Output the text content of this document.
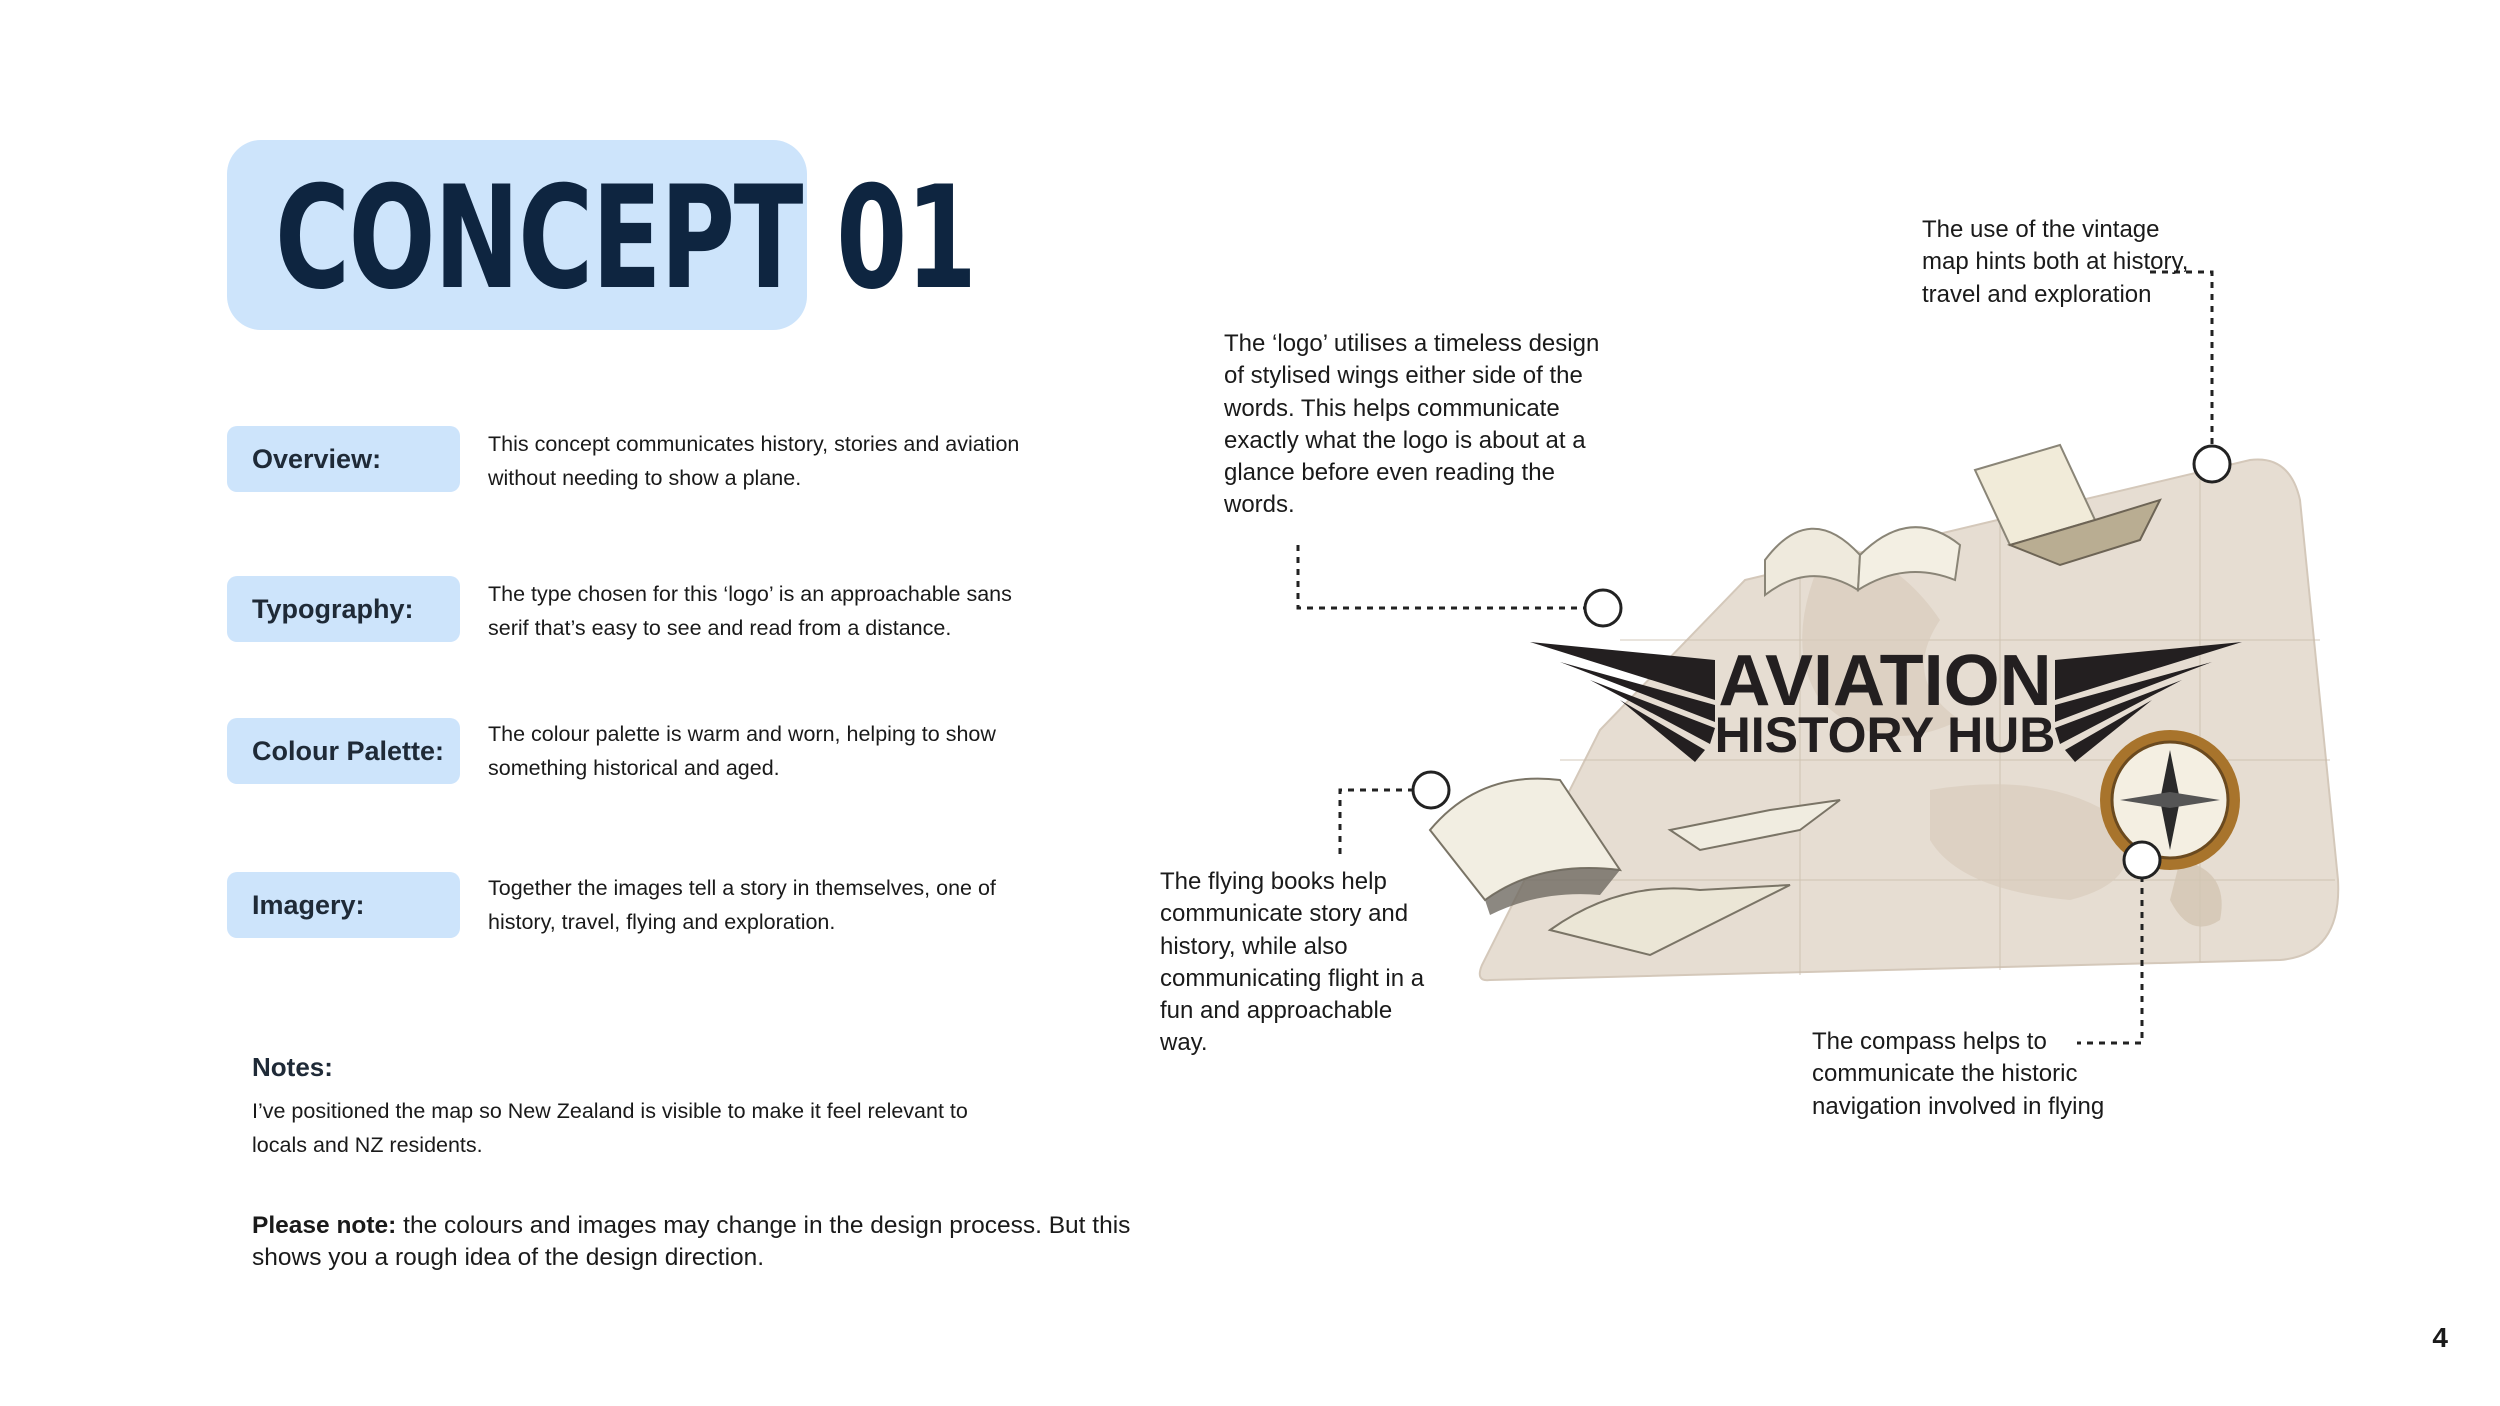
CONCEPT 01
Overview:	This concept communicates history, stories and aviation without needing to show a plane.
Typography:	The type chosen for this ‘logo’ is an approachable sans serif that’s easy to see and read from a distance.
Colour Palette:
The colour palette is warm and worn, helping to show something historical and aged.
Imagery:
Together the images tell a story in themselves, one of history, travel, flying and exploration.
Notes:
I’ve positioned the map so New Zealand is visible to make it feel relevant to locals and NZ residents.
Please note: the colours and images may change in the design process. But this shows you a rough idea of the design direction.
AVIATION
HISTORY HUB
The ‘logo’ utilises a timeless design of stylised wings either side of the words. This helps communicate exactly what the logo is about at a glance before even reading the words.
The use of the vintage map hints both at history, travel and exploration
The flying books help communicate story and history, while also communicating flight in a fun and approachable way.	The compass helps to communicate the historic navigation involved in flying
4
